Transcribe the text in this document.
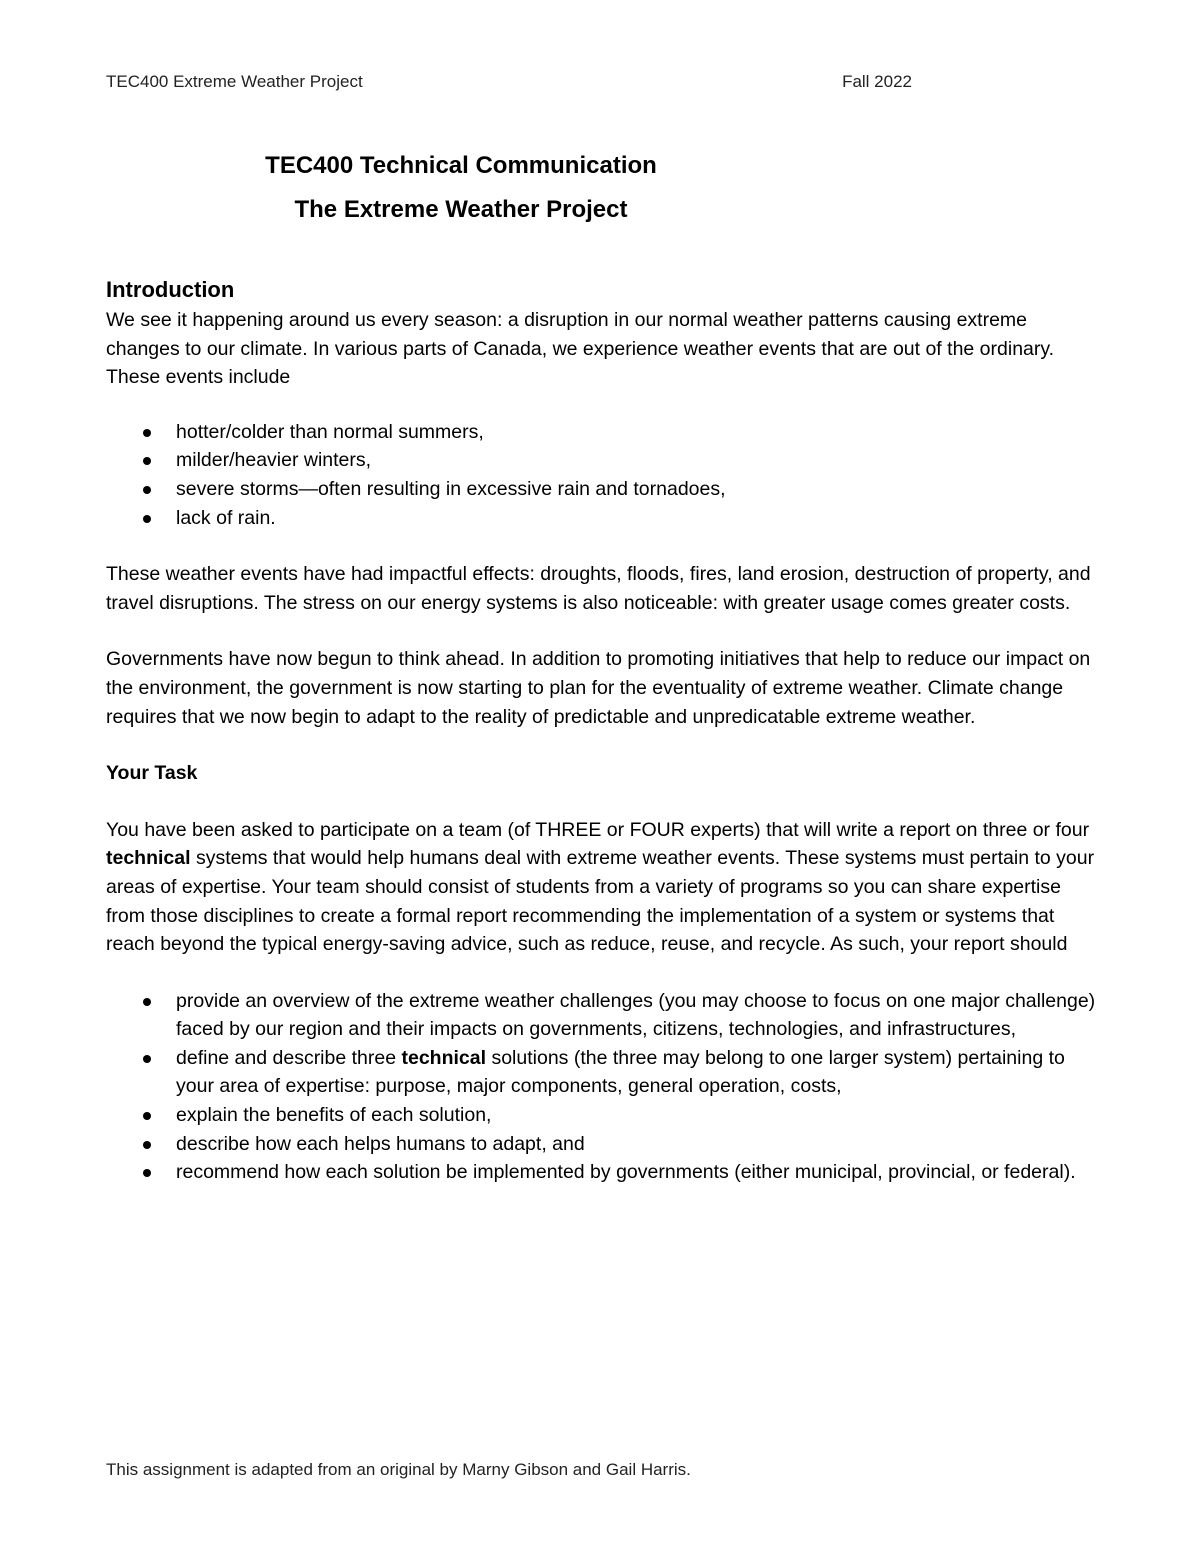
TEC400 Extreme Weather Project	Fall 2022
TEC400 Technical Communication
The Extreme Weather Project
Introduction

We see it happening around us every season: a disruption in our normal weather patterns causing extreme changes to our climate. In various parts of Canada, we experience weather events that are out of the ordinary. These events include

hotter/colder than normal summers,
milder/heavier winters,
severe storms—often resulting in excessive rain and tornadoes,
lack of rain.

These weather events have had impactful effects: droughts, floods, fires, land erosion, destruction of property, and travel disruptions. The stress on our energy systems is also noticeable: with greater usage comes greater costs.

Governments have now begun to think ahead. In addition to promoting initiatives that help to reduce our impact on the environment, the government is now starting to plan for the eventuality of extreme weather. Climate change requires that we now begin to adapt to the reality of predictable and unpredicatable extreme weather.

Your Task

You have been asked to participate on a team (of THREE or FOUR experts) that will write a report on three or four technical systems that would help humans deal with extreme weather events. These systems must pertain to your areas of expertise. Your team should consist of students from a variety of programs so you can share expertise from those disciplines to create a formal report recommending the implementation of a system or systems that reach beyond the typical energy-saving advice, such as reduce, reuse, and recycle. As such, your report should

provide an overview of the extreme weather challenges (you may choose to focus on one major challenge) faced by our region and their impacts on governments, citizens, technologies, and infrastructures,
define and describe three technical solutions (the three may belong to one larger system) pertaining to your area of expertise: purpose, major components, general operation, costs,
explain the benefits of each solution,
describe how each helps humans to adapt, and
recommend how each solution be implemented by governments (either municipal, provincial, or federal).
This assignment is adapted from an original by Marny Gibson and Gail Harris.
